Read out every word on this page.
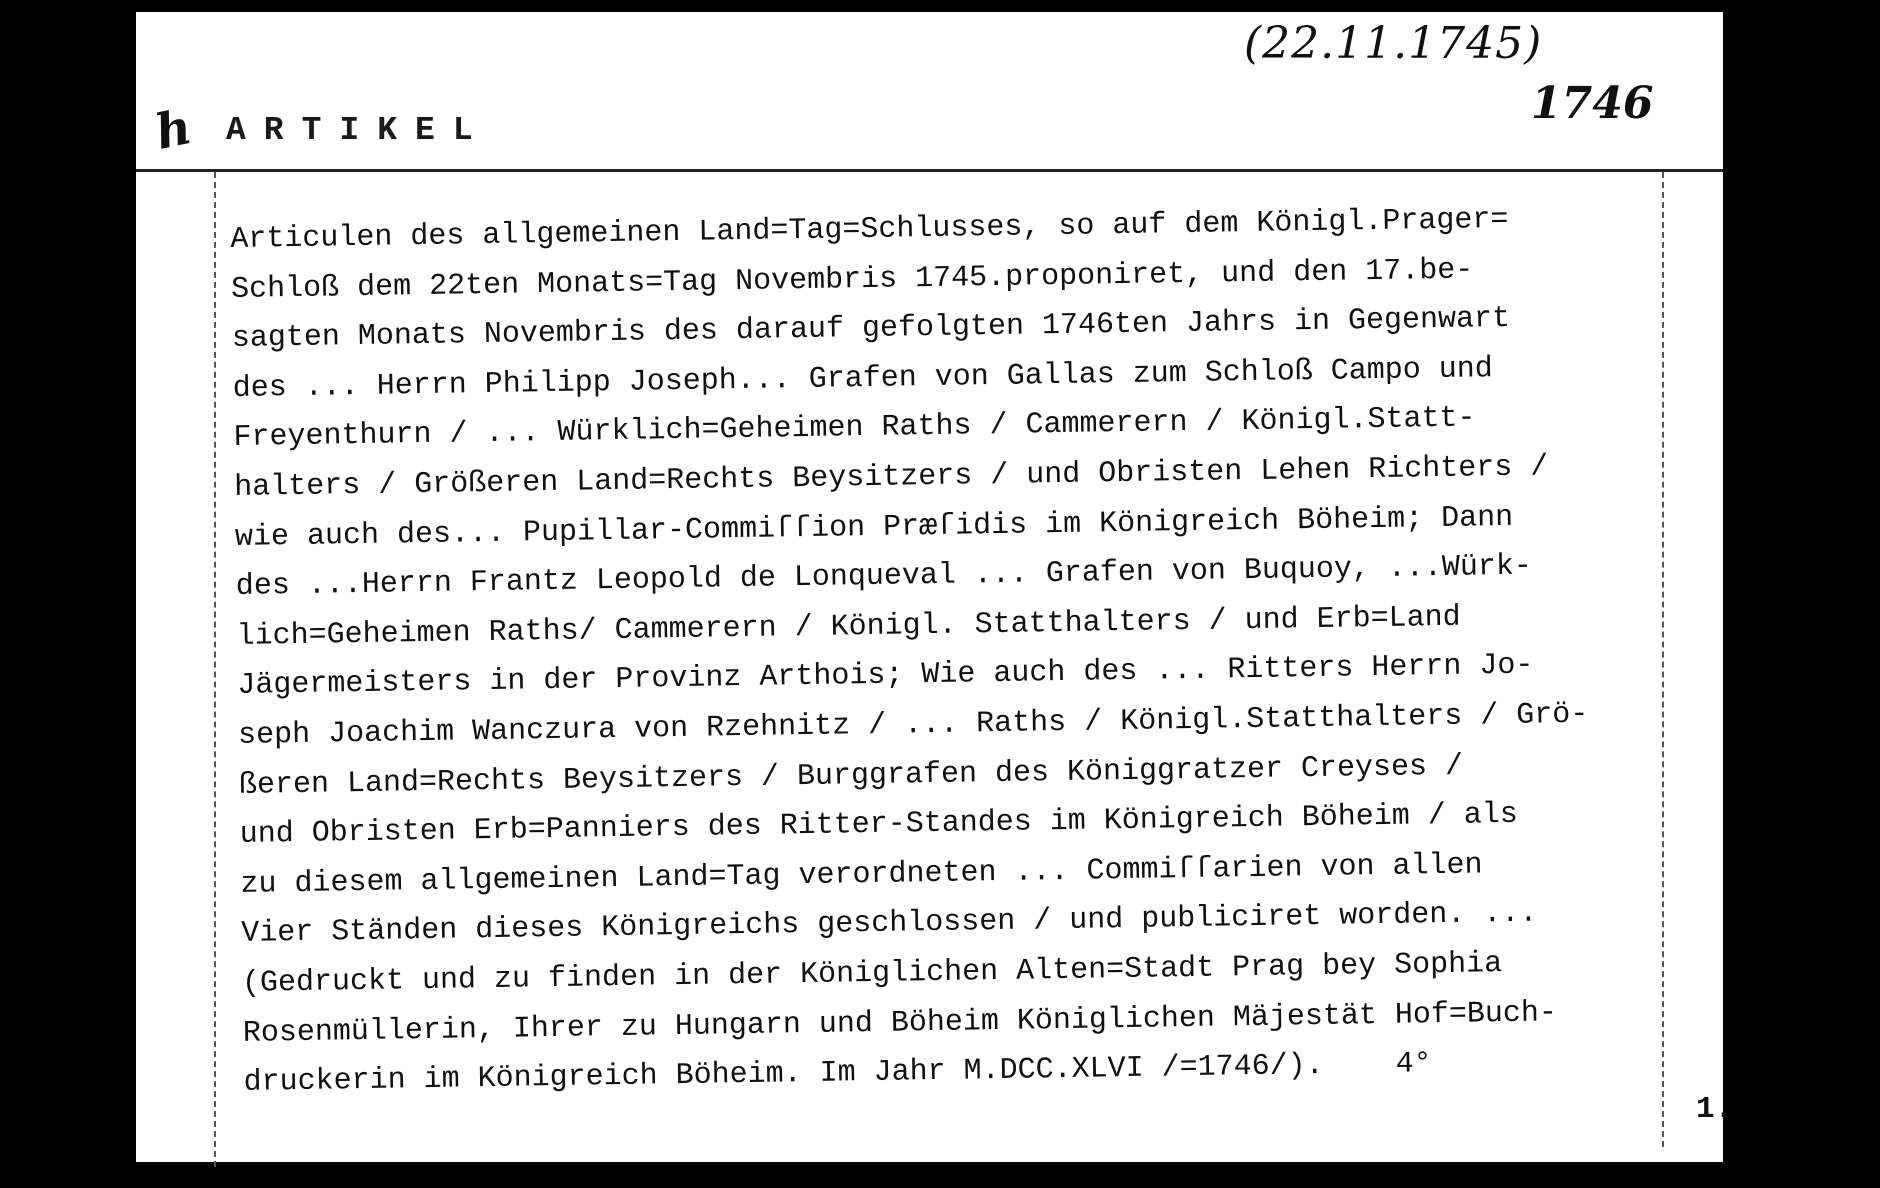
(22.11.1745)
1746
h ARTIKEL
Articulen des allgemeinen Land=Tag=Schlusses, so auf dem Königl.Prager=
Schloß dem 22ten Monats=Tag Novembris 1745.proponiret, und den 17.be-
sagten Monats Novembris des darauf gefolgten 1746ten Jahrs in Gegenwart
des ... Herrn Philipp Joseph... Grafen von Gallas zum Schloß Campo und
Freyenthurn / ... Würklich=Geheimen Raths / Cammerern / Königl.Statt-
halters / Größeren Land=Rechts Beysitzers / und Obristen Lehen Richters /
wie auch des... Pupillar-Commiſſion Præſidis im Königreich Böheim; Dann
des ...Herrn Frantz Leopold de Lonqueval ... Grafen von Buquoy, ...Würk-
lich=Geheimen Raths/ Cammerern / Königl. Statthalters / und Erb=Land
Jägermeisters in der Provinz Arthois; Wie auch des ... Ritters Herrn Jo-
seph Joachim Wanczura von Rzehnitz / ... Raths / Königl.Statthalters / Grö-
ßeren Land=Rechts Beysitzers / Burggrafen des Königgratzer Creyses /
und Obristen Erb=Panniers des Ritter-Standes im Königreich Böheim / als
zu diesem allgemeinen Land=Tag verordneten ... Commiſſarien von allen
Vier Ständen dieses Königreichs geschlossen / und publiciret worden. ...
(Gedruckt und zu finden in der Königlichen Alten=Stadt Prag bey Sophia
Rosenmüllerin, Ihrer zu Hungarn und Böheim Königlichen Mäjestät Hof=Buch-
druckerin im Königreich Böheim. Im Jahr M.DCC.XLVI /=1746/).    4°
1.
